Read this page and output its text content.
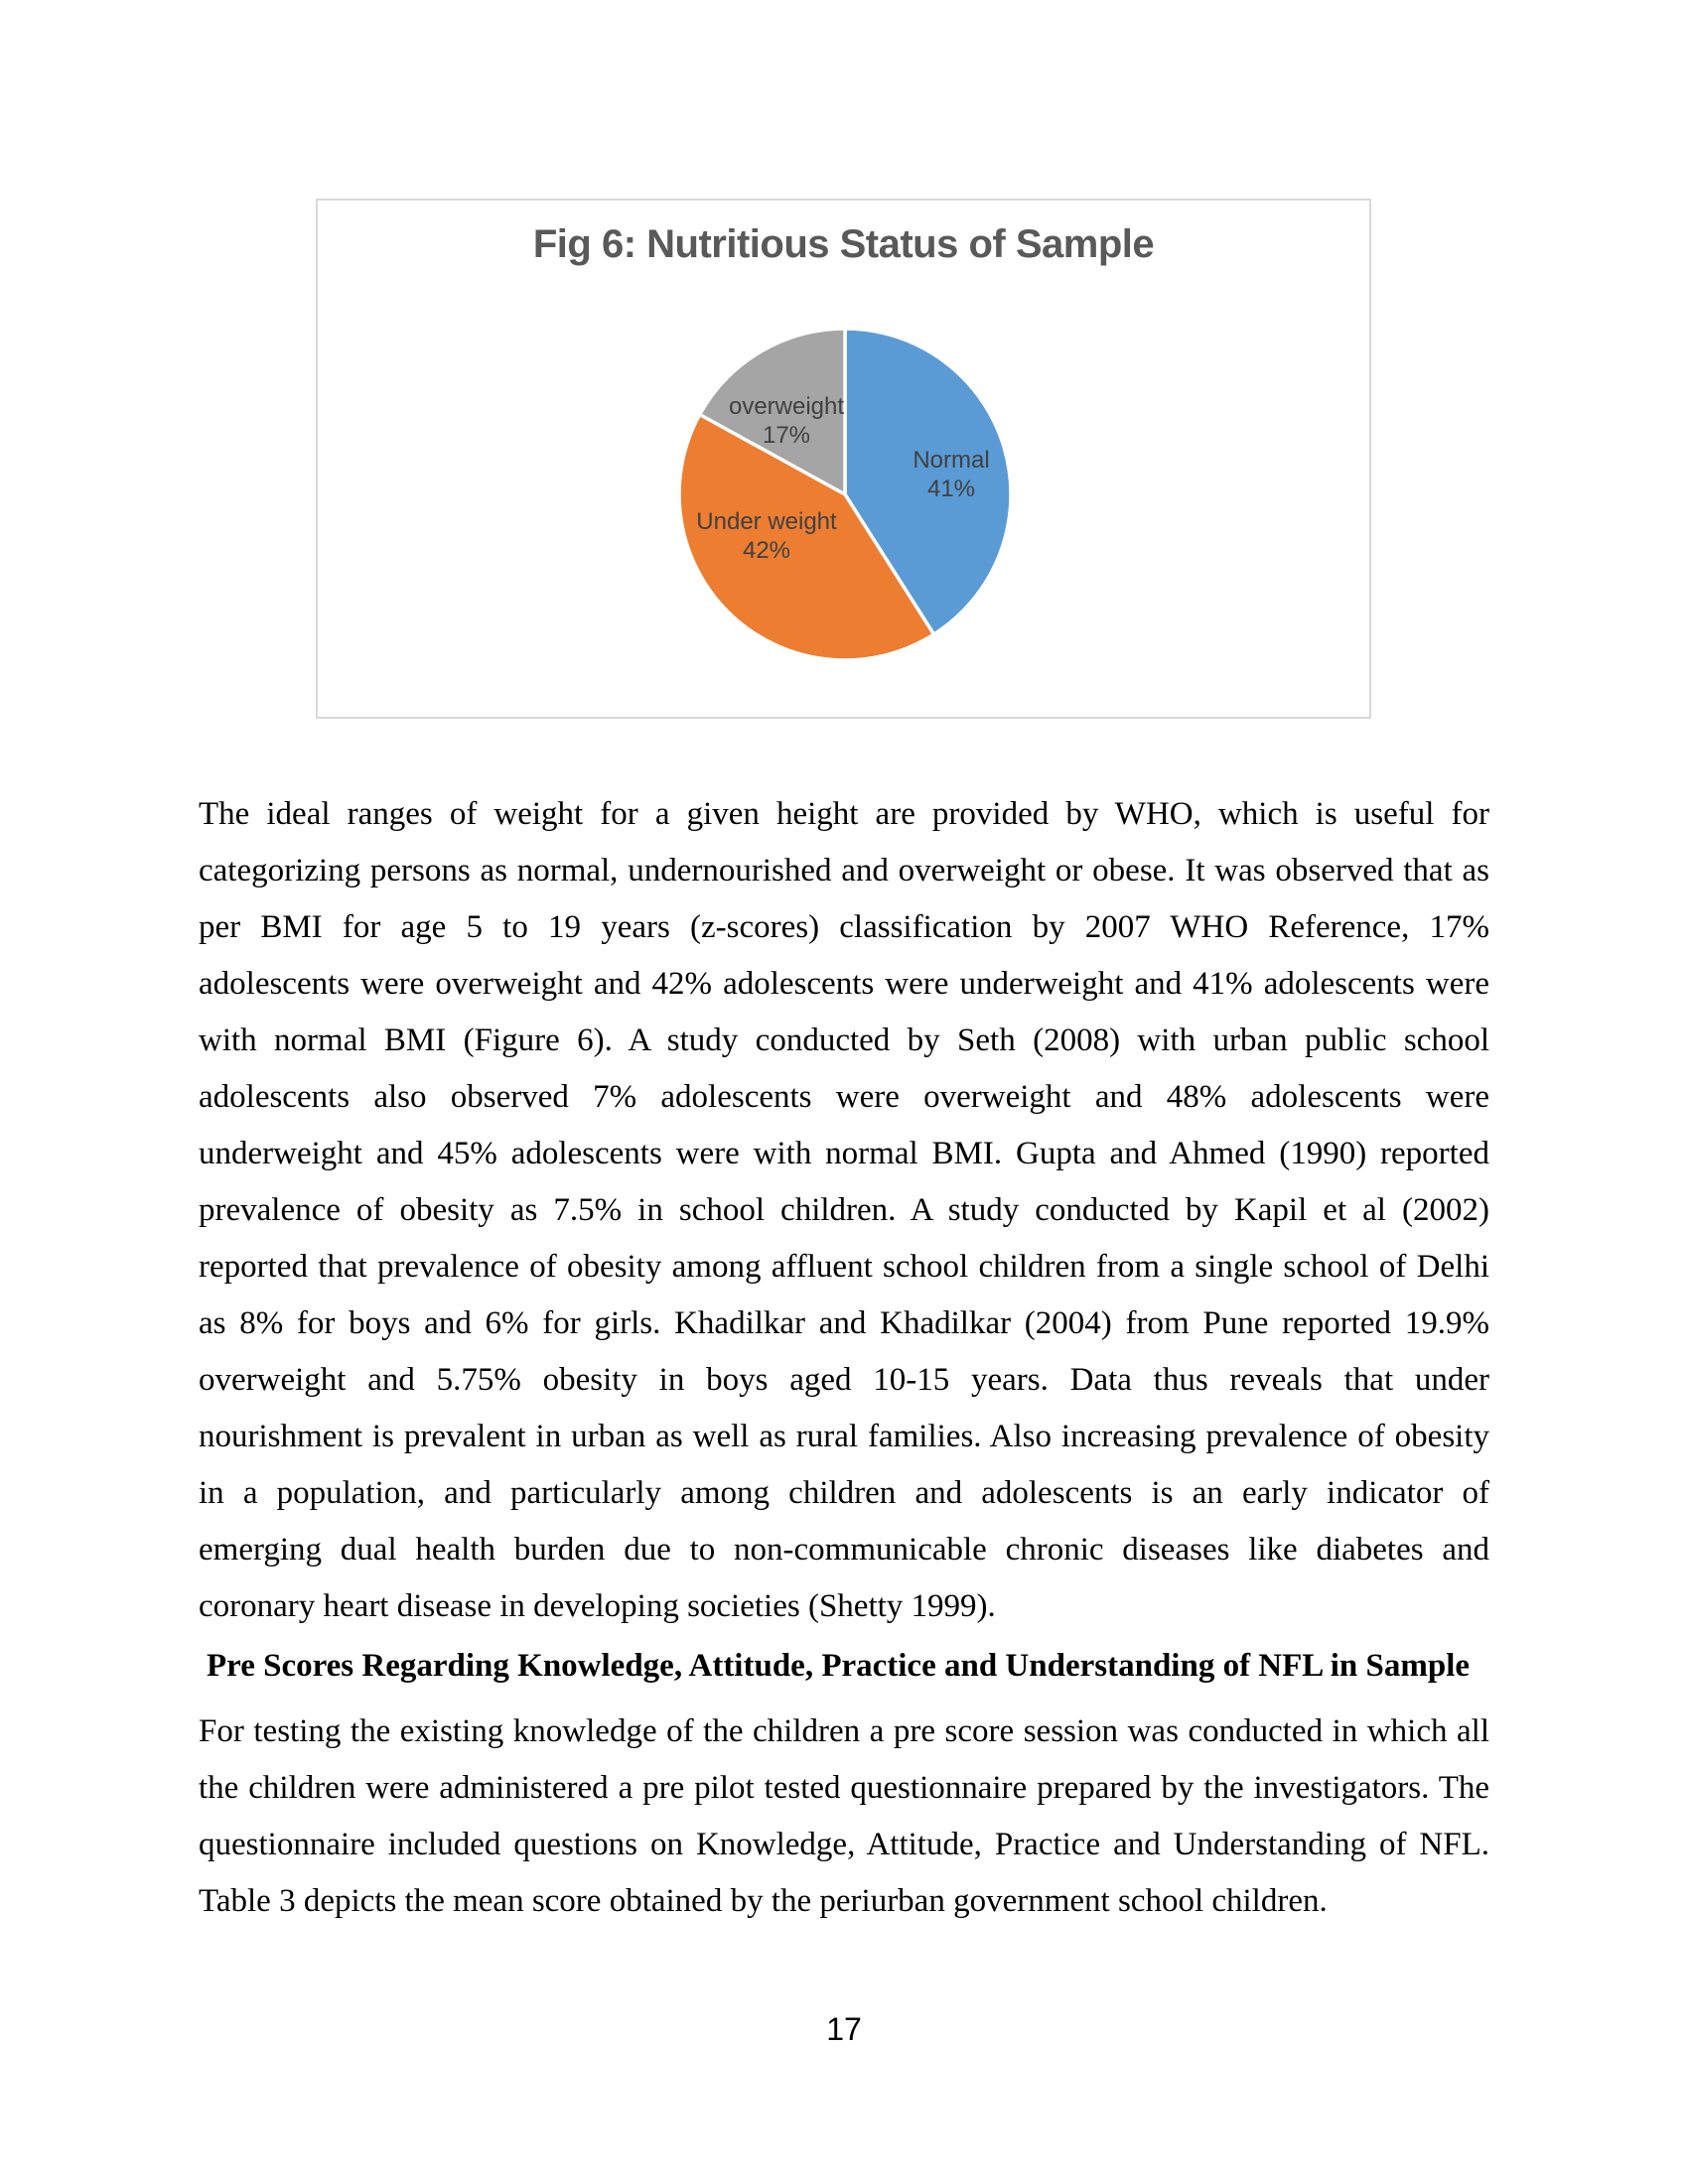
Fig 6: Nutritious Status of Sample
Normal
41%
Under weight
42%
overweight
17%
The ideal ranges of weight for a given height are provided by WHO, which is useful for
categorizing persons as normal, undernourished and overweight or obese. It was observed that as
per BMI for age 5 to 19 years (z-scores) classification by 2007 WHO Reference, 17%
adolescents were overweight and 42% adolescents were underweight and 41% adolescents were
with normal BMI (Figure 6). A study conducted by Seth (2008) with urban public school
adolescents also observed 7% adolescents were overweight and 48% adolescents were
underweight and 45% adolescents were with normal BMI. Gupta and Ahmed (1990) reported
prevalence of obesity as 7.5% in school children. A study conducted by Kapil et al (2002)
reported that prevalence of obesity among affluent school children from a single school of Delhi
as 8% for boys and 6% for girls. Khadilkar and Khadilkar (2004) from Pune reported 19.9%
overweight and 5.75% obesity in boys aged 10-15 years. Data thus reveals that under
nourishment is prevalent in urban as well as rural families. Also increasing prevalence of obesity
in a population, and particularly among children and adolescents is an early indicator of
emerging dual health burden due to non-communicable chronic diseases like diabetes and
coronary heart disease in developing societies (Shetty 1999).
Pre Scores Regarding Knowledge, Attitude, Practice and Understanding of NFL in Sample
For testing the existing knowledge of the children a pre score session was conducted in which all
the children were administered a pre pilot tested questionnaire prepared by the investigators. The
questionnaire included questions on Knowledge, Attitude, Practice and Understanding of NFL.
Table 3 depicts the mean score obtained by the periurban government school children.
17
